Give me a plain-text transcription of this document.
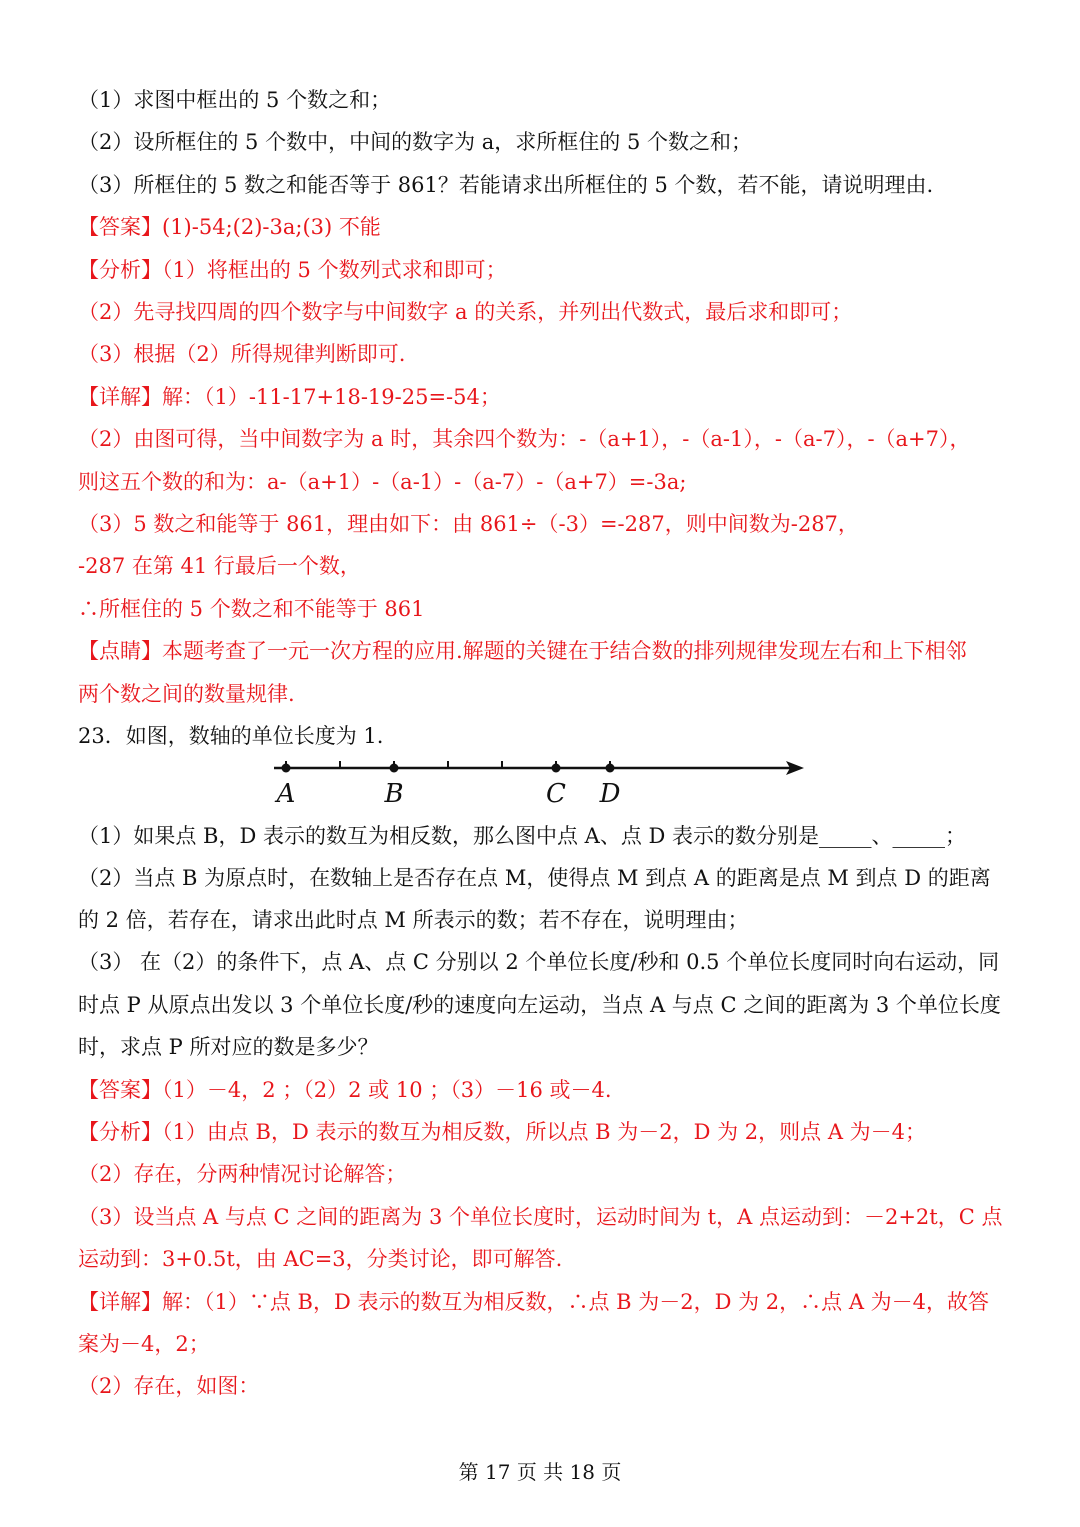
（1）求图中框出的 5 个数之和；
（2）设所框住的 5 个数中，中间的数字为 a，求所框住的 5 个数之和；
（3）所框住的 5 数之和能否等于 861？若能请求出所框住的 5 个数，若不能，请说明理由.
【答案】(1)-54;(2)-3a;(3) 不能
【分析】（1）将框出的 5 个数列式求和即可；
（2）先寻找四周的四个数字与中间数字 a 的关系，并列出代数式，最后求和即可；
（3）根据（2）所得规律判断即可.
【详解】解：（1）-11-17+18-19-25=-54；
（2）由图可得，当中间数字为 a 时，其余四个数为：-（a+1），-（a-1），-（a-7），-（a+7），
则这五个数的和为：a-（a+1）-（a-1）-（a-7）-（a+7）=-3a;
（3）5 数之和能等于 861，理由如下：由 861÷（-3）=-287，则中间数为-287，
-287 在第 41 行最后一个数，
∴所框住的 5 个数之和不能等于 861
【点睛】本题考查了一元一次方程的应用.解题的关键在于结合数的排列规律发现左右和上下相邻
两个数之间的数量规律.
23．如图，数轴的单位长度为 1.
（1）如果点 B，D 表示的数互为相反数，那么图中点 A、点 D 表示的数分别是_____、_____；
（2）当点 B 为原点时，在数轴上是否存在点 M，使得点 M 到点 A 的距离是点 M 到点 D 的距离
的 2 倍，若存在，请求出此时点 M 所表示的数；若不存在，说明理由；
（3） 在（2）的条件下，点 A、点 C 分别以 2 个单位长度/秒和 0.5 个单位长度同时向右运动，同
时点 P 从原点出发以 3 个单位长度/秒的速度向左运动，当点 A 与点 C 之间的距离为 3 个单位长度
时，求点 P 所对应的数是多少？
【答案】（1）－4，2 ；（2）2 或 10 ；（3）－16 或－4.
【分析】（1）由点 B，D 表示的数互为相反数，所以点 B 为－2，D 为 2，则点 A 为－4；
（2）存在，分两种情况讨论解答；
（3）设当点 A 与点 C 之间的距离为 3 个单位长度时，运动时间为 t，A 点运动到：－2+2t，C 点
运动到：3+0.5t，由 AC=3，分类讨论，即可解答.
【详解】解：（1）∵点 B，D 表示的数互为相反数，∴点 B 为－2，D 为 2，∴点 A 为－4，故答
案为－4，2；
（2）存在，如图：
A	B	C D
第 17 页 共 18 页
